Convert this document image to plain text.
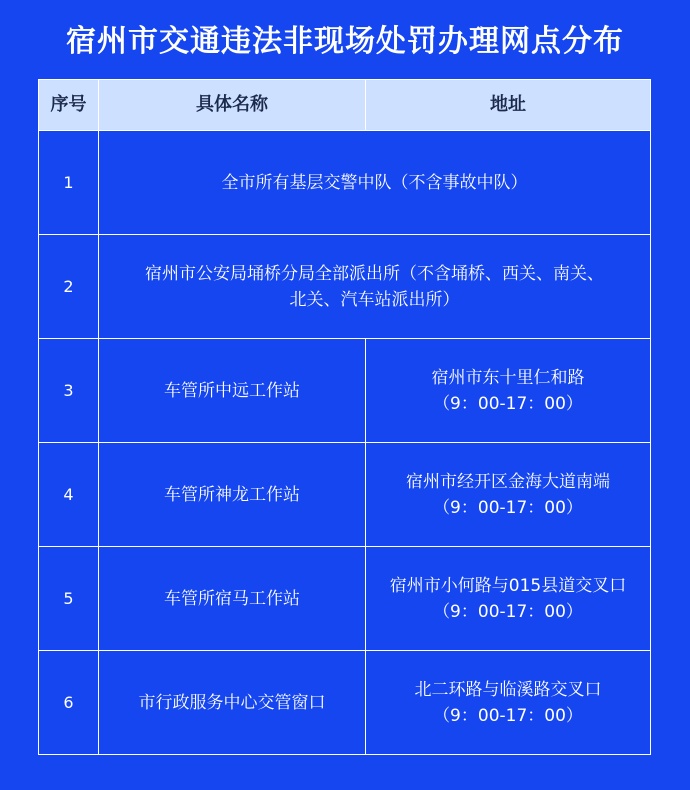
宿州市交通违法非现场处罚办理网点分布
序号	具体名称	地址
1	全市所有基层交警中队（不含事故中队）	

2	宿州市公安局埇桥分局全部派出所（不含埇桥、西关、南关、
北关、汽车站派出所）	

3	车管所中远工作站	宿州市东十里仁和路
（9：00-17：00）

4	车管所神龙工作站	宿州市经开区金海大道南端
（9：00-17：00）

5	车管所宿马工作站	宿州市小何路与015县道交叉口
（9：00-17：00）

6	市行政服务中心交管窗口	北二环路与临溪路交叉口
（9：00-17：00）
